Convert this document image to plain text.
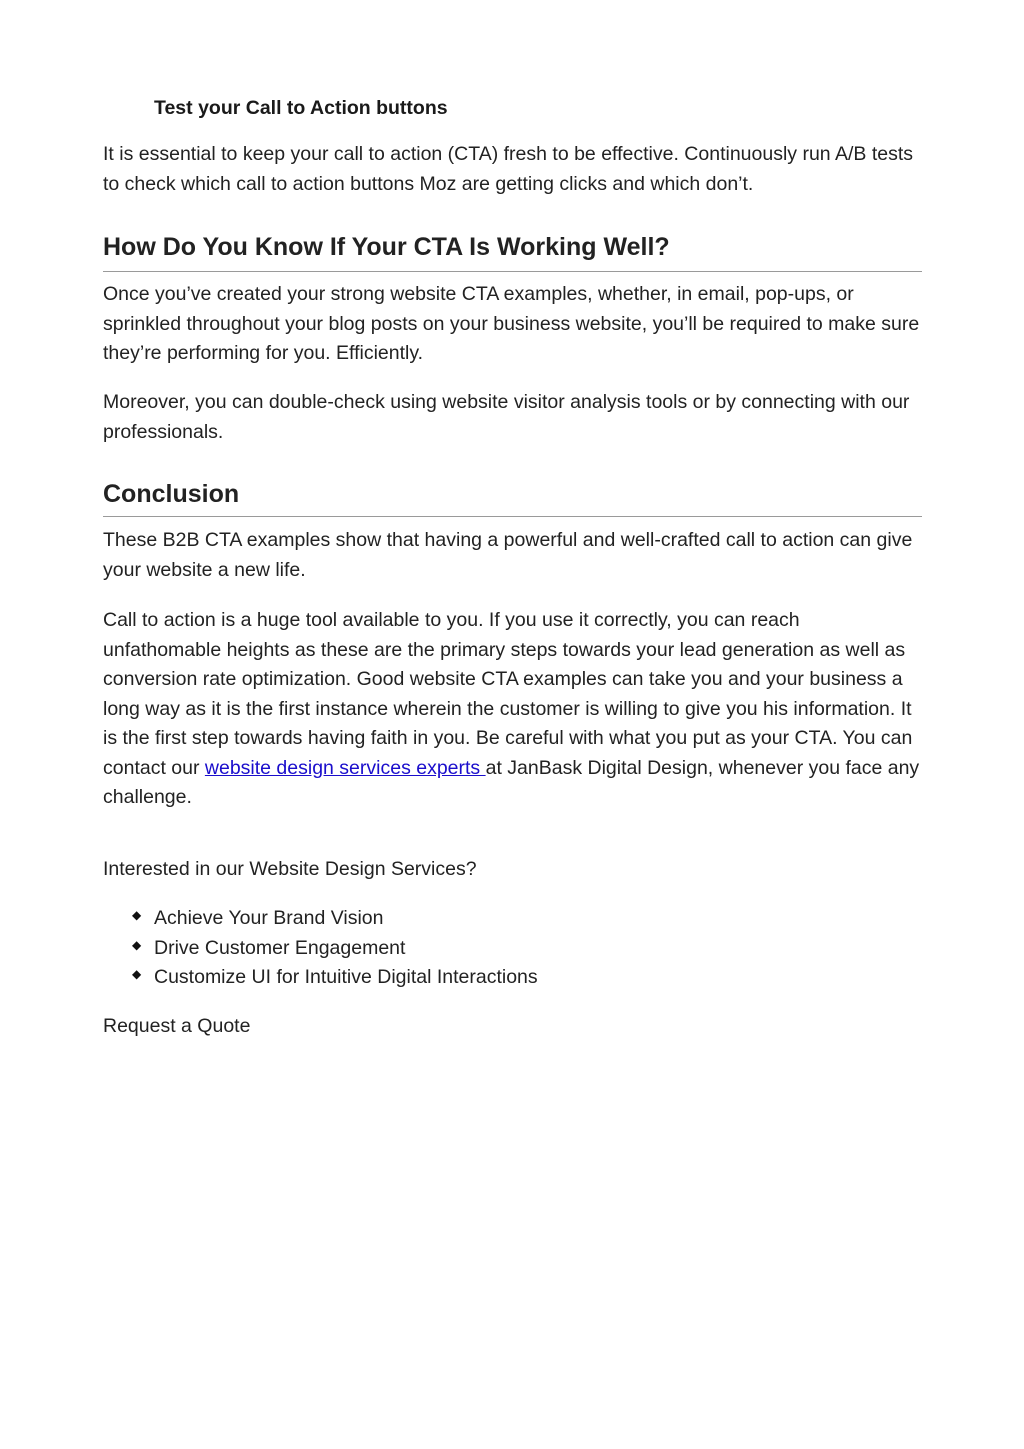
Test your Call to Action buttons

It is essential to keep your call to action (CTA) fresh to be effective. Continuously run A/B tests to check which call to action buttons Moz are getting clicks and which don’t.

How Do You Know If Your CTA Is Working Well?

Once you’ve created your strong website CTA examples, whether, in email, pop-ups, or sprinkled throughout your blog posts on your business website, you’ll be required to make sure they’re performing for you. Efficiently.

Moreover, you can double-check using website visitor analysis tools or by connecting with our professionals.

Conclusion

These B2B CTA examples show that having a powerful and well-crafted call to action can give your website a new life.

Call to action is a huge tool available to you. If you use it correctly, you can reach unfathomable heights as these are the primary steps towards your lead generation as well as conversion rate optimization. Good website CTA examples can take you and your business a long way as it is the first instance wherein the customer is willing to give you his information. It is the first step towards having faith in you. Be careful with what you put as your CTA. You can contact our website design services experts at JanBask Digital Design, whenever you face any challenge.

Interested in our Website Design Services?

◆ Achieve Your Brand Vision
◆ Drive Customer Engagement
◆ Customize UI for Intuitive Digital Interactions

Request a Quote
